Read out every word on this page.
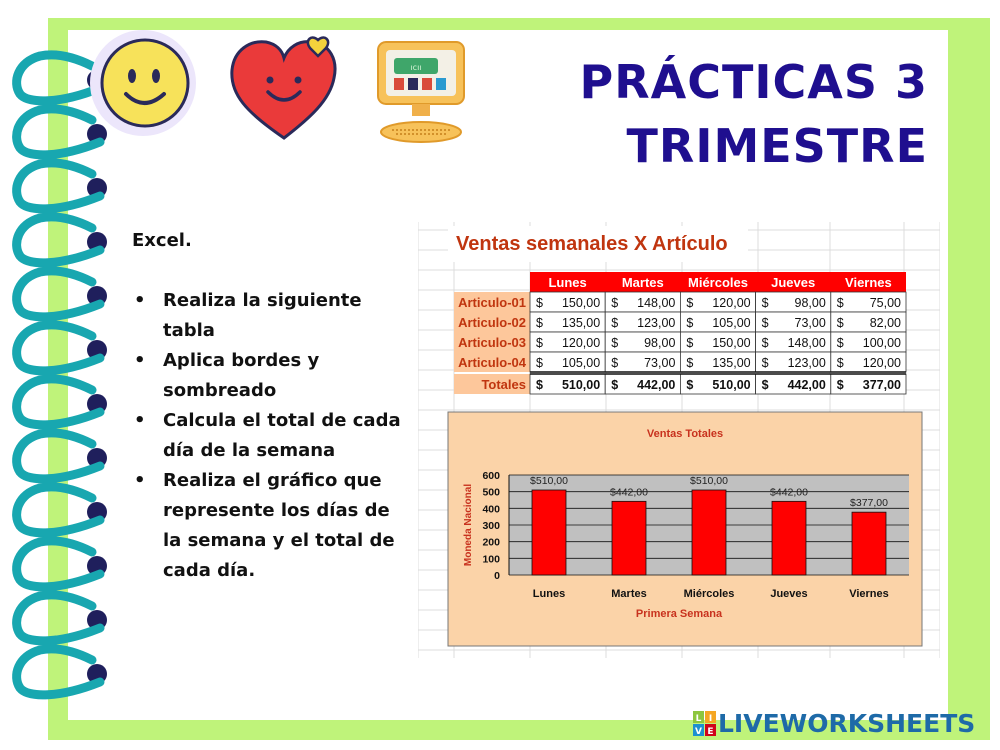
ıcıı	PRÁCTICAS 3
TRIMESTRE
Excel.
• Realiza la siguiente tabla
• Aplica bordes y sombreado
• Calcula el total de cada día de la semana
• Realiza el gráfico que represente los días de la semana y el total de cada día.
Ventas semanales X Artículo
Lunes	Martes Miércoles Jueves Viernes
Articulo-01 $ 150,00 $ 148,00 $ 120,00 $ 98,00 $ 75,00
Articulo-02 $ 135,00 $ 123,00 $ 105,00 $ 73,00 $ 82,00
Articulo-03 $ 120,00 $ 98,00 $ 150,00 $ 148,00 $ 100,00
Articulo-04 $ 105,00 $ 73,00 $ 135,00 $ 123,00 $ 120,00
Totales $ 510,00 $ 442,00 $ 510,00 $ 442,00 $ 377,00
Ventas Totales
0
100
200
300
400
500
600	$510,00
Lunes
$442,00
Martes
$510,00
Miércoles
$442,00
Jueves
$377,00
Viernes
Primera Semana
Moneda Nacional
L I
V E LIVEWORKSHEETS
